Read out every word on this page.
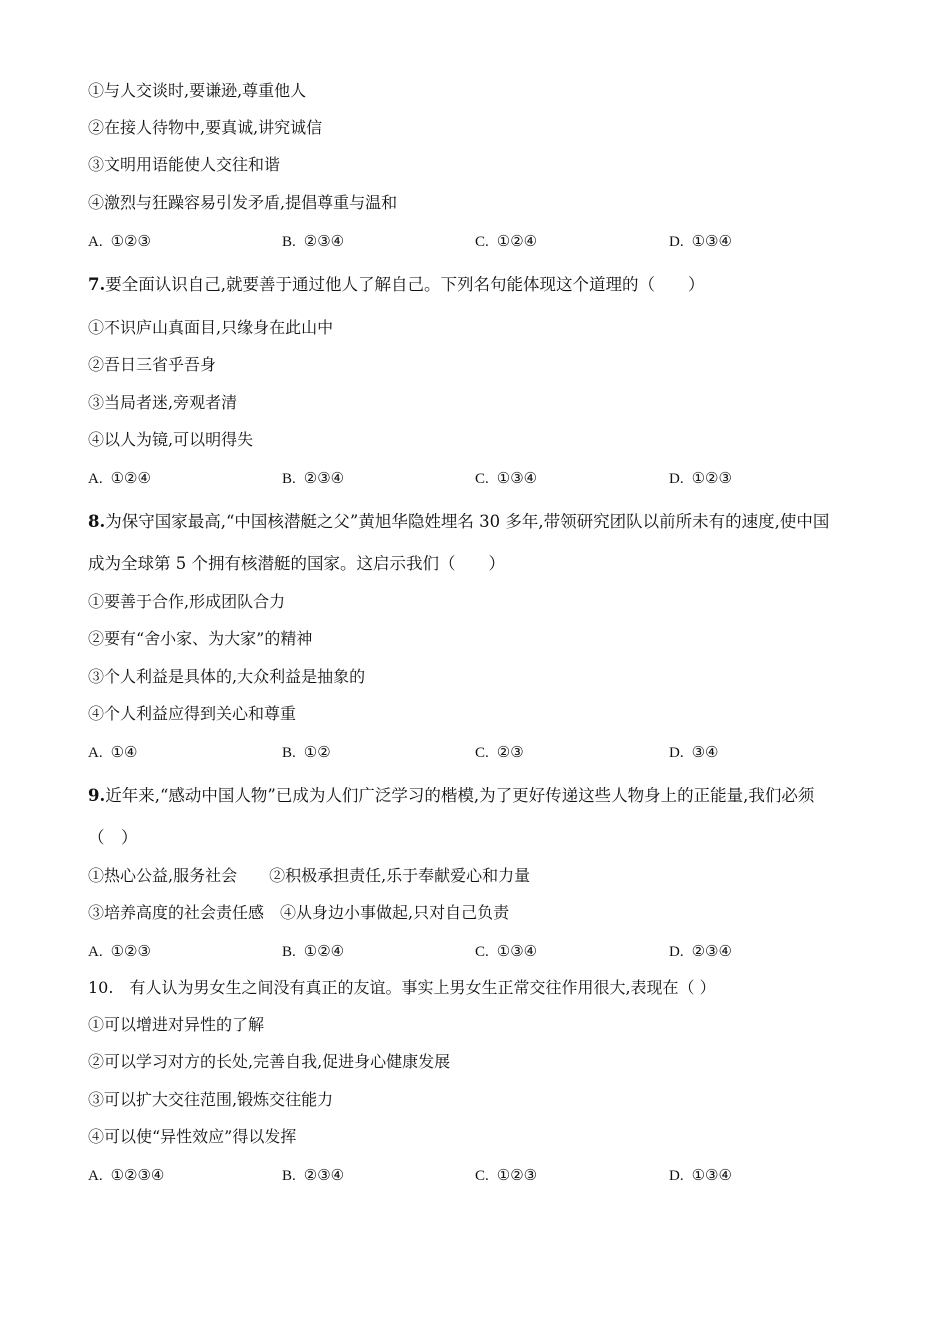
①与人交谈时,要谦逊,尊重他人
②在接人待物中,要真诚,讲究诚信
③文明用语能使人交往和谐
④激烈与狂躁容易引发矛盾,提倡尊重与温和
A. ①②③	B. ②③④	C. ①②④	D. ①③④
7.要全面认识自己,就要善于通过他人了解自己。下列名句能体现这个道理的（　　）
①不识庐山真面目,只缘身在此山中
②吾日三省乎吾身
③当局者迷,旁观者清
④以人为镜,可以明得失
A. ①②④	B. ②③④	C. ①③④	D. ①②③
8.为保守国家最高,“中国核潜艇之父”黄旭华隐姓埋名 30 多年,带领研究团队以前所未有的速度,使中国
成为全球第 5 个拥有核潜艇的国家。这启示我们（　　）
①要善于合作,形成团队合力
②要有“舍小家、为大家”的精神
③个人利益是具体的,大众利益是抽象的
④个人利益应得到关心和尊重
A. ①④	B. ①②	C. ②③	D. ③④
9.近年来,“感动中国人物”已成为人们广泛学习的楷模,为了更好传递这些人物身上的正能量,我们必须
（　）
①热心公益,服务社会　　②积极承担责任,乐于奉献爱心和力量
③培养高度的社会责任感　④从身边小事做起,只对自己负责
A. ①②③	B. ①②④	C. ①③④	D. ②③④
10.　有人认为男女生之间没有真正的友谊。事实上男女生正常交往作用很大,表现在（ ）
①可以增进对异性的了解
②可以学习对方的长处,完善自我,促进身心健康发展
③可以扩大交往范围,锻炼交往能力
④可以使“异性效应”得以发挥
A. ①②③④	B. ②③④	C. ①②③	D. ①③④
